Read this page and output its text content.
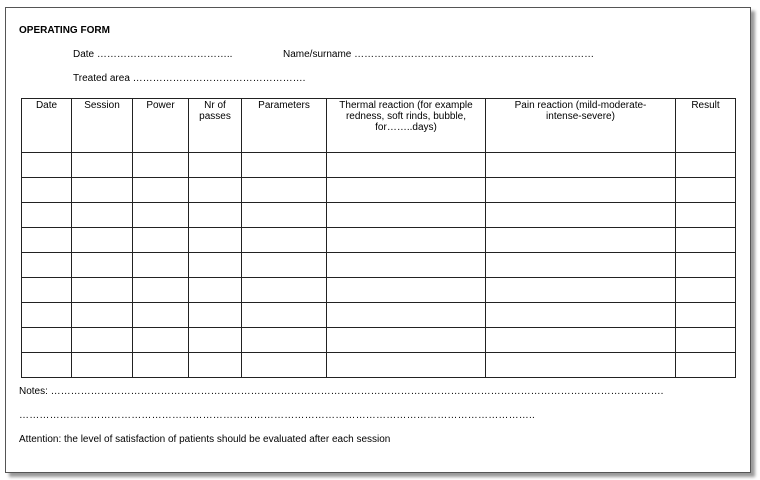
OPERATING FORM
Date …………………………………..	Name/surname ………………………………………………………………
Treated area …………………………………………….
Date	Session	Power	Nr of passes	Parameters	Thermal reaction (for example redness, soft rinds, bubble, for……..days)	Pain reaction (mild-moderate-intense-severe)	Result

Notes: ………………………………………………………………………………………………………………………………………………………………….
……………………………………………………………………………………………………………………………………..
Attention: the level of satisfaction of patients should be evaluated after each session
